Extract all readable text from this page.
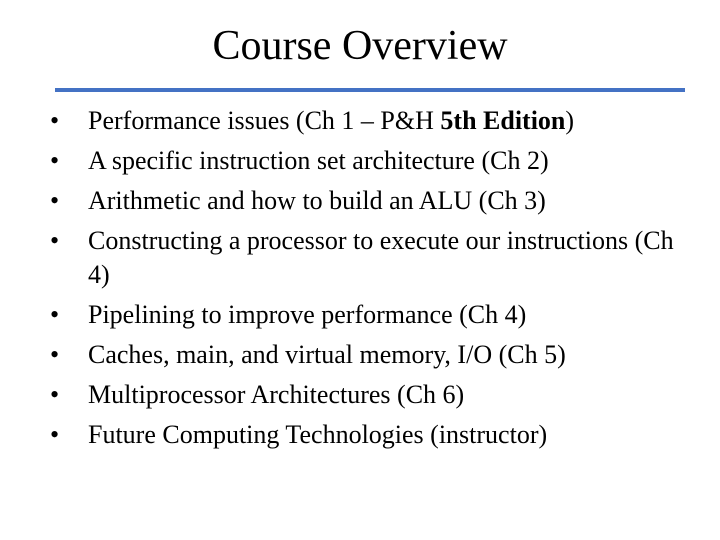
Course Overview
•	Performance issues (Ch 1 – P&H 5th Edition)
•	A specific instruction set architecture (Ch 2)
•	Arithmetic and how to build an ALU (Ch 3)
•	Constructing a processor to execute our instructions (Ch 4)
•	Pipelining to improve performance (Ch 4)
•	Caches, main, and virtual memory, I/O (Ch 5)
•	Multiprocessor Architectures (Ch 6)
•	Future Computing Technologies (instructor)
